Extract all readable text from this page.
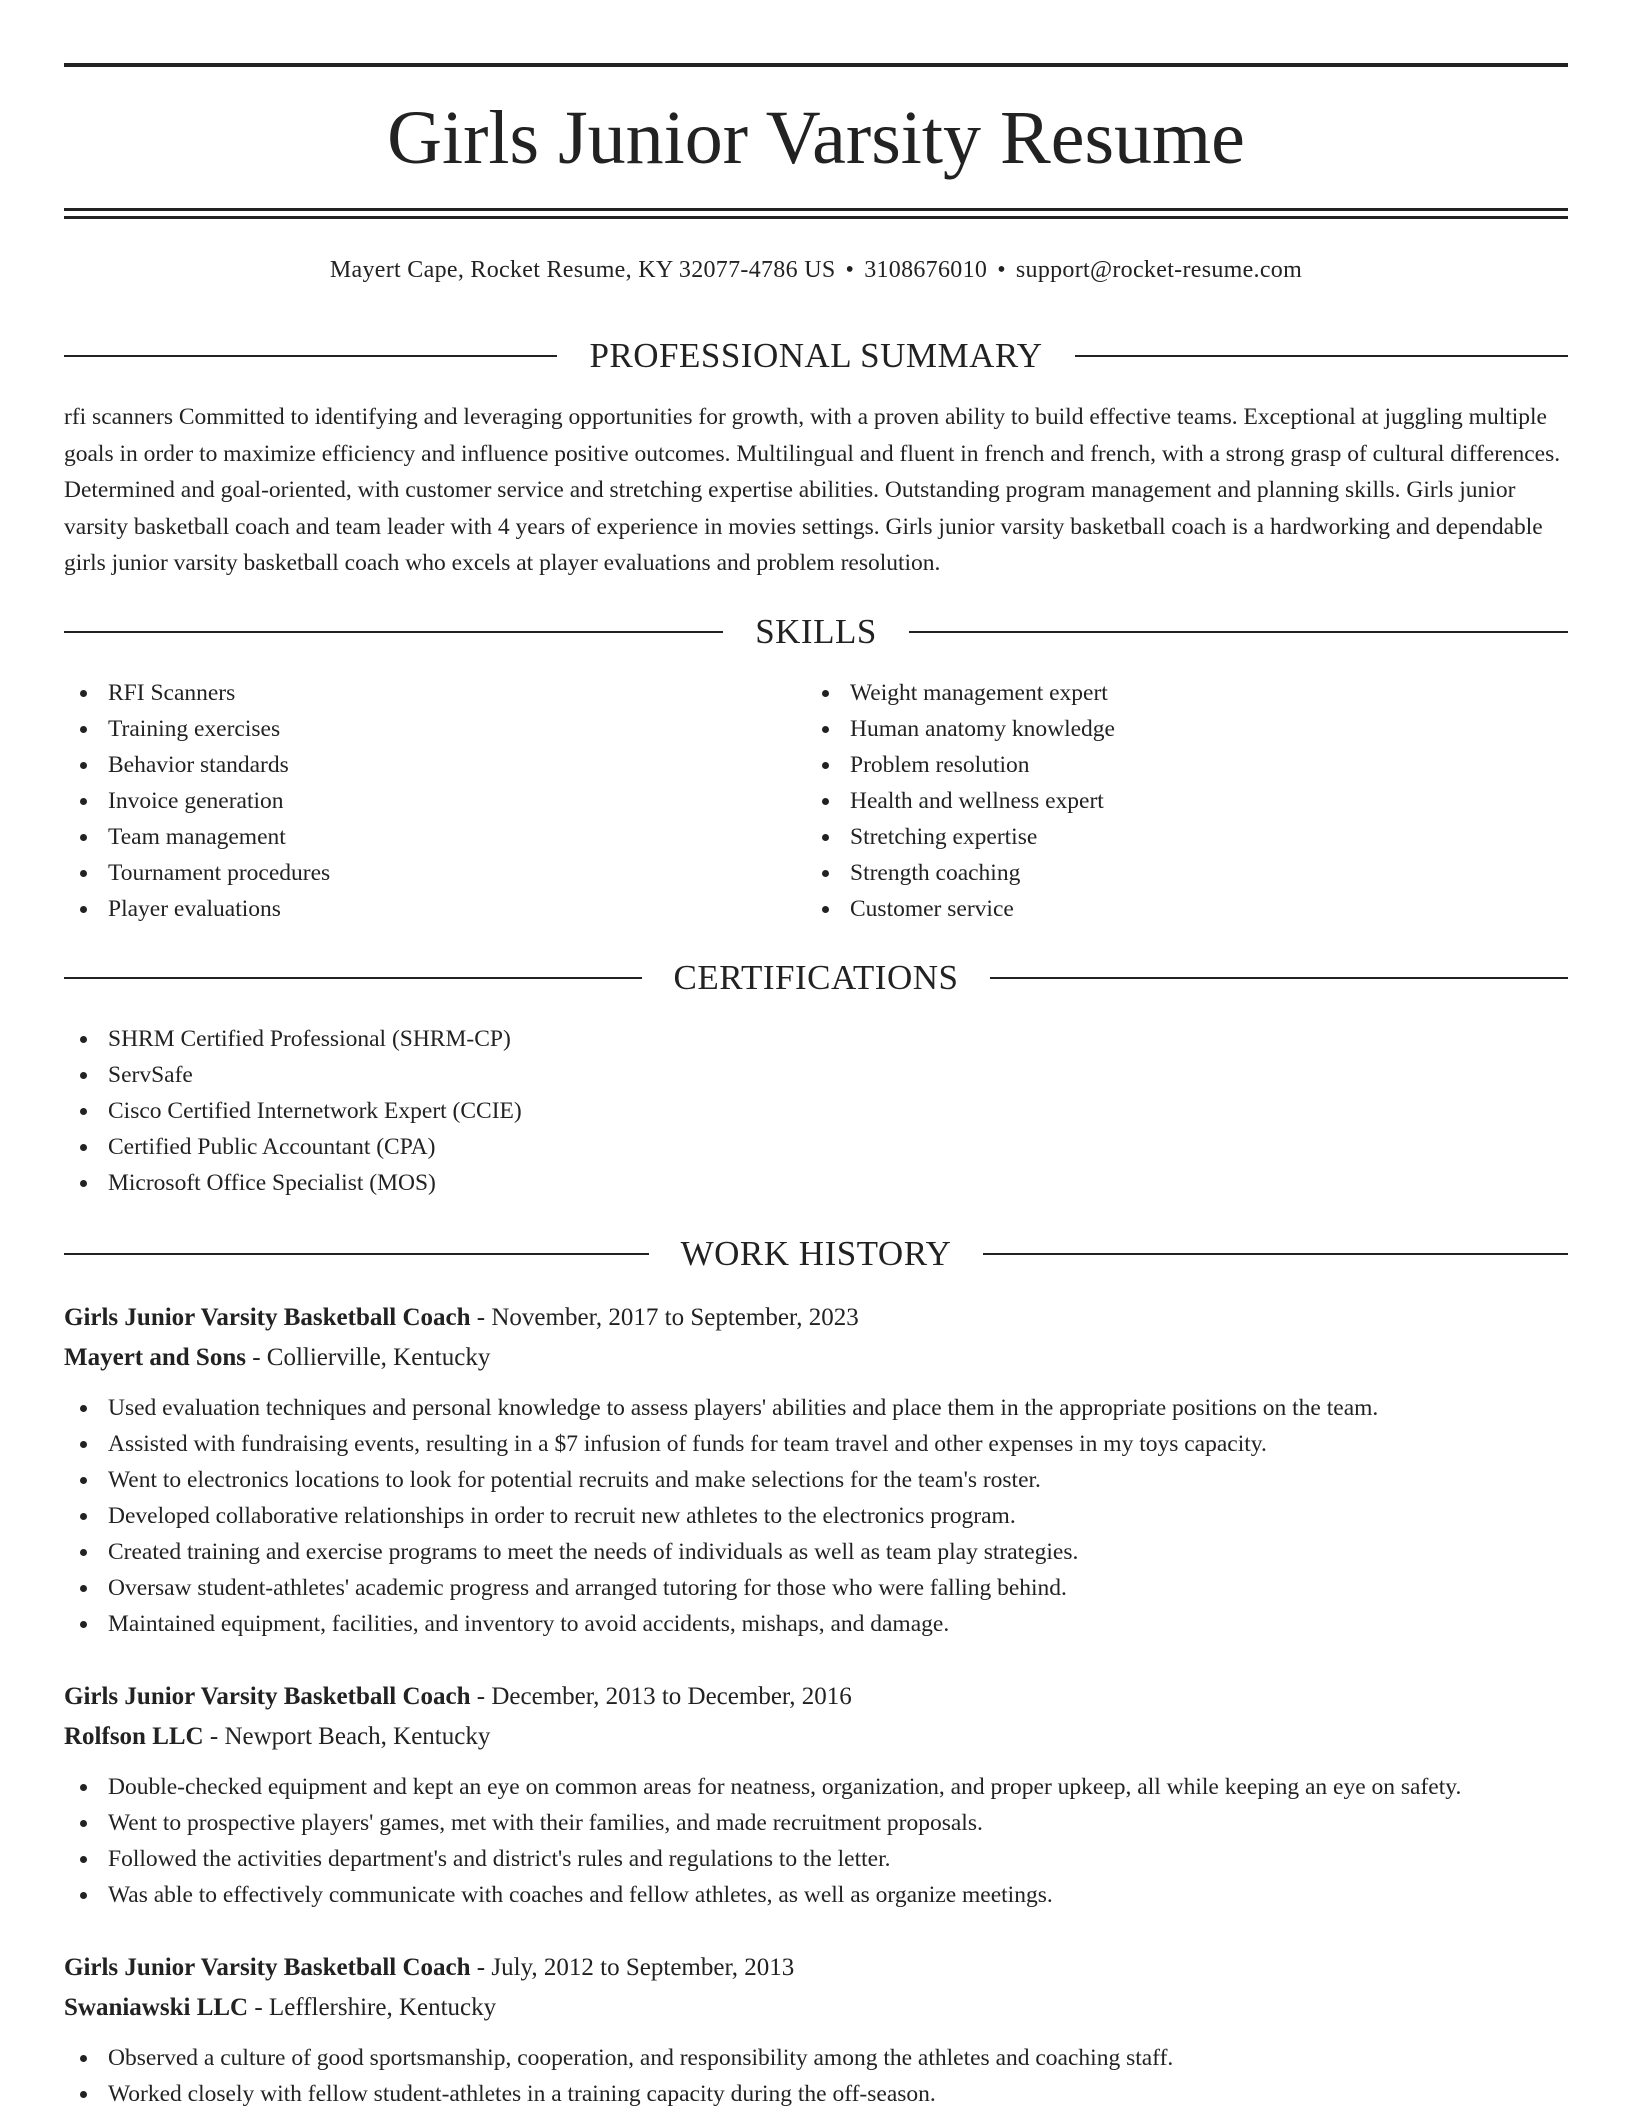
Girls Junior Varsity Resume
Mayert Cape, Rocket Resume, KY 32077-4786 US • 3108676010 • support@rocket-resume.com
PROFESSIONAL SUMMARY

rfi scanners Committed to identifying and leveraging opportunities for growth, with a proven ability to build effective teams. Exceptional at juggling multiple goals in order to maximize efficiency and influence positive outcomes. Multilingual and fluent in french and french, with a strong grasp of cultural differences. Determined and goal-oriented, with customer service and stretching expertise abilities. Outstanding program management and planning skills. Girls junior varsity basketball coach and team leader with 4 years of experience in movies settings. Girls junior varsity basketball coach is a hardworking and dependable girls junior varsity basketball coach who excels at player evaluations and problem resolution.

SKILLS
RFI Scanners
Training exercises
Behavior standards
Invoice generation
Team management
Tournament procedures
Player evaluations
Weight management expert
Human anatomy knowledge
Problem resolution
Health and wellness expert
Stretching expertise
Strength coaching
Customer service
CERTIFICATIONS
SHRM Certified Professional (SHRM-CP)
ServSafe
Cisco Certified Internetwork Expert (CCIE)
Certified Public Accountant (CPA)
Microsoft Office Specialist (MOS)
WORK HISTORY
Girls Junior Varsity Basketball Coach - November, 2017 to September, 2023
Mayert and Sons - Collierville, Kentucky
Used evaluation techniques and personal knowledge to assess players' abilities and place them in the appropriate positions on the team.
Assisted with fundraising events, resulting in a $7 infusion of funds for team travel and other expenses in my toys capacity.
Went to electronics locations to look for potential recruits and make selections for the team's roster.
Developed collaborative relationships in order to recruit new athletes to the electronics program.
Created training and exercise programs to meet the needs of individuals as well as team play strategies.
Oversaw student-athletes' academic progress and arranged tutoring for those who were falling behind.
Maintained equipment, facilities, and inventory to avoid accidents, mishaps, and damage.
Girls Junior Varsity Basketball Coach - December, 2013 to December, 2016
Rolfson LLC - Newport Beach, Kentucky
Double-checked equipment and kept an eye on common areas for neatness, organization, and proper upkeep, all while keeping an eye on safety.
Went to prospective players' games, met with their families, and made recruitment proposals.
Followed the activities department's and district's rules and regulations to the letter.
Was able to effectively communicate with coaches and fellow athletes, as well as organize meetings.
Girls Junior Varsity Basketball Coach - July, 2012 to September, 2013
Swaniawski LLC - Lefflershire, Kentucky
Observed a culture of good sportsmanship, cooperation, and responsibility among the athletes and coaching staff.
Worked closely with fellow student-athletes in a training capacity during the off-season.
